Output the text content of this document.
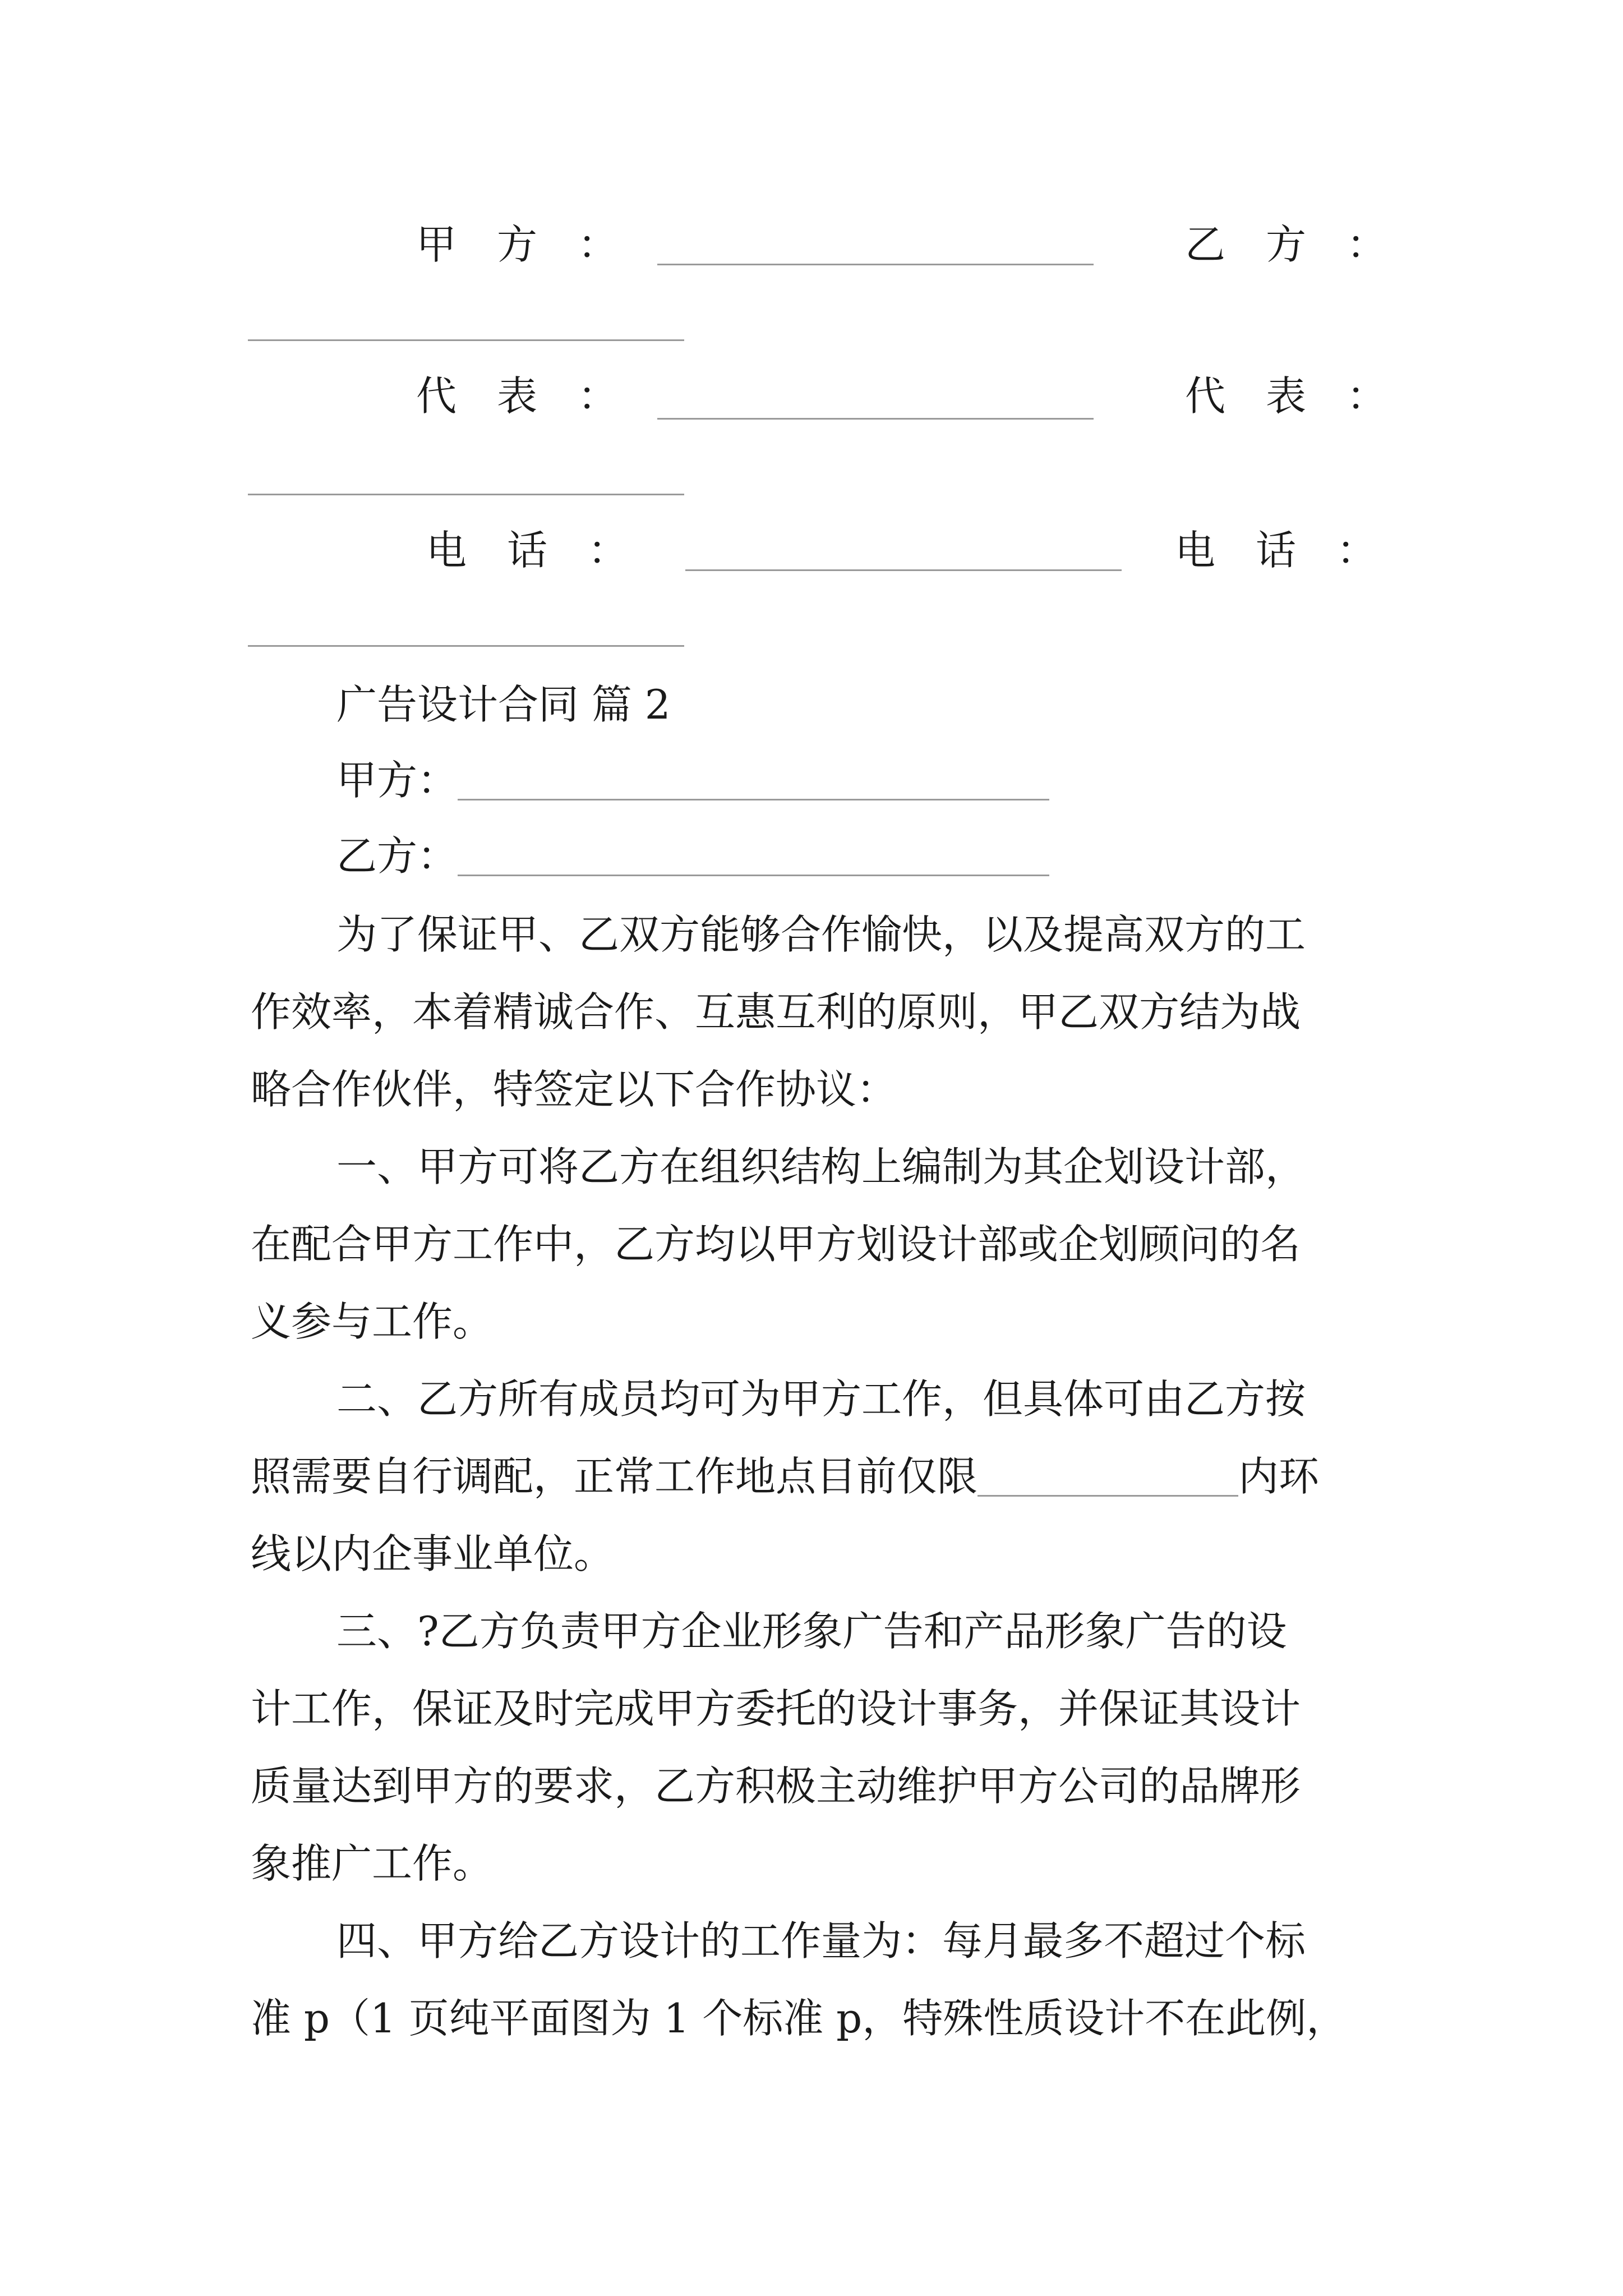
甲　方　：	乙　方　：
代　表　：	代　表　：
电　话　：	电　话　：
广告设计合同 篇 2
甲方：
乙方：
为了保证甲、乙双方能够合作愉快，以及提高双方的工
作效率，本着精诚合作、互惠互利的原则，甲乙双方结为战
略合作伙伴，特签定以下合作协议：
一、甲方可将乙方在组织结构上编制为其企划设计部，
在配合甲方工作中，乙方均以甲方划设计部或企划顾问的名
义参与工作。
二、乙方所有成员均可为甲方工作，但具体可由乙方按
照需要自行调配，正常工作地点目前仅限	内环
线以内企事业单位。
三、?乙方负责甲方企业形象广告和产品形象广告的设
计工作，保证及时完成甲方委托的设计事务，并保证其设计
质量达到甲方的要求，乙方积极主动维护甲方公司的品牌形
象推广工作。
四、甲方给乙方设计的工作量为：每月最多不超过个标
准 p（1 页纯平面图为 1 个标准 p，特殊性质设计不在此例，
